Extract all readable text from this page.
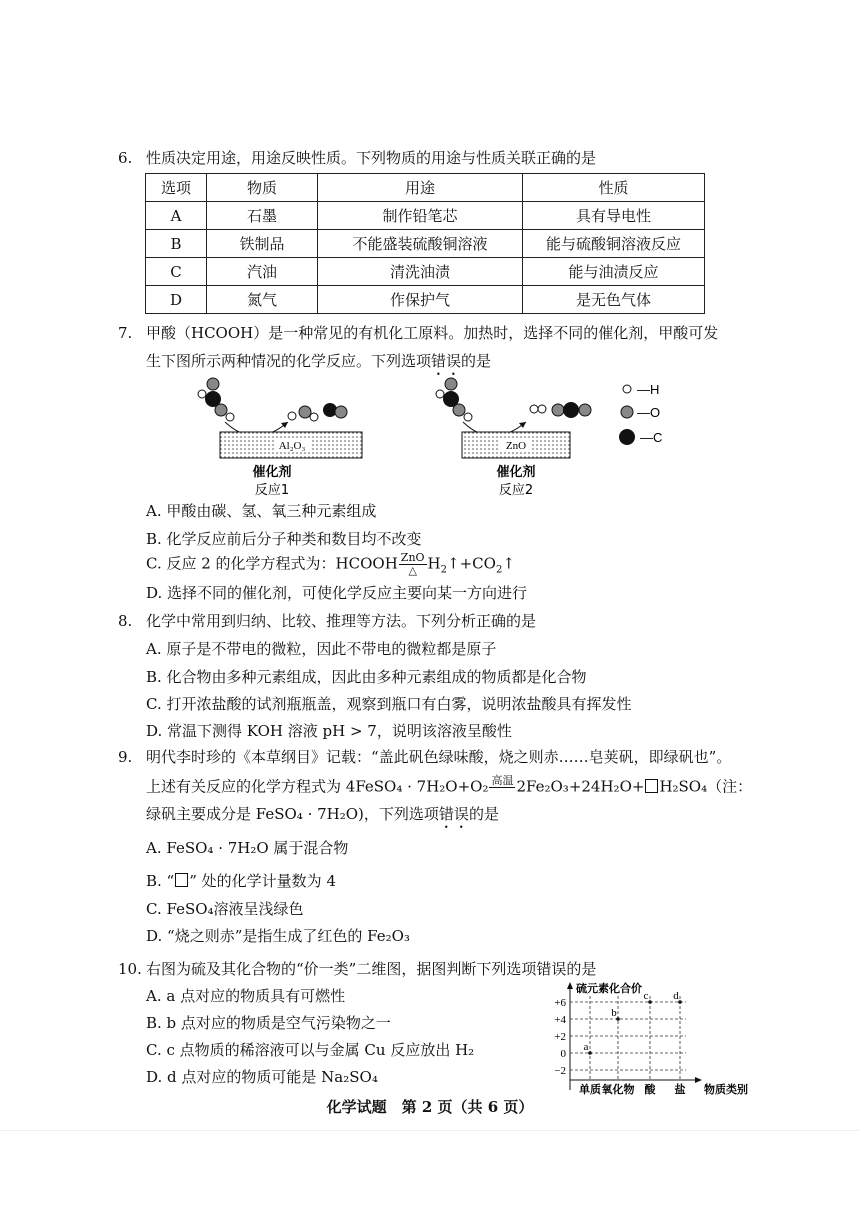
6. 性质决定用途，用途反映性质。下列物质的用途与性质关联正确的是
选项	物质	用途	性质
A	石墨	制作铅笔芯	具有导电性
B	铁制品	不能盛装硫酸铜溶液	能与硫酸铜溶液反应
C	汽油	清洗油渍	能与油渍反应
D	氮气	作保护气	是无色气体
7. 甲酸（HCOOH）是一种常见的有机化工原料。加热时，选择不同的催化剂，甲酸可发
生下图所示两种情况的化学反应。下列选项错误的是
Al₂O₃
催化剂
反应1
ZnO
催化剂
反应2
—H
—O
—C
A. 甲酸由碳、氢、氧三种元素组成
B. 化学反应前后分子种类和数目均不改变
C. 反应 2 的化学方程式为：HCOOH $\frac{\text{ZnO}}{\triangle}$ $H_2↑+CO_2↑$
D. 选择不同的催化剂，可使化学反应主要向某一方向进行
8. 化学中常用到归纳、比较、推理等方法。下列分析正确的是
A. 原子是不带电的微粒，因此不带电的微粒都是原子
B. 化合物由多种元素组成，因此由多种元素组成的物质都是化合物
C. 打开浓盐酸的试剂瓶瓶盖，观察到瓶口有白雾，说明浓盐酸具有挥发性
D. 常温下测得 KOH 溶液 pH > 7，说明该溶液呈酸性
9. 明代李时珍的《本草纲目》记载：“盖此矾色绿味酸，烧之则赤……皂荚矾，即绿矾也”。
上述有关反应的化学方程式为 4FeSO₄ · 7H₂O+O₂ 高温
2Fe₂O₃+24H₂O+ H₂SO₄（注：
绿矾主要成分是 FeSO₄ · 7H₂O)，下列选项错误的是
A. FeSO₄ · 7H₂O 属于混合物
B. “ ” 处的化学计量数为 4
C. FeSO₄溶液呈浅绿色
D. “烧之则赤”是指生成了红色的 Fe₂O₃
10. 右图为硫及其化合物的“价一类”二维图，据图判断下列选项错误的是
A. a 点对应的物质具有可燃性
B. b 点对应的物质是空气污染物之一
C. c 点物质的稀溶液可以与金属 Cu 反应放出 H₂
D. d 点对应的物质可能是 Na₂SO₄
硫元素化合价
物质类别
+6
+4
+2
0
−2
单质 氧化物 酸 盐
a
b
c d
化学试题　第 2 页（共 6 页）
